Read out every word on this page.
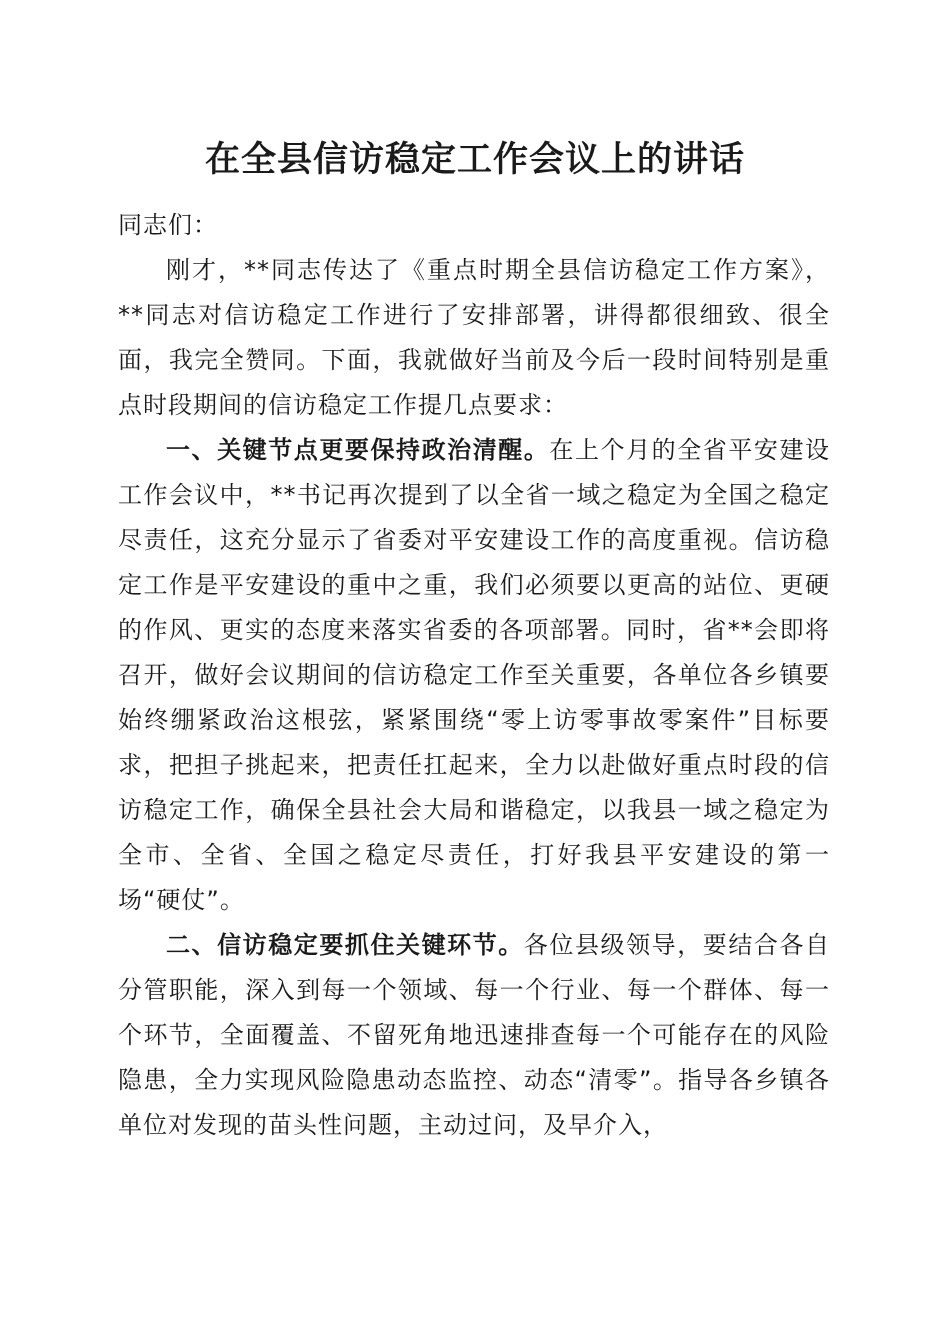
在全县信访稳定工作会议上的讲话

同志们：

刚才，**同志传达了《重点时期全县信访稳定工作方案》，**同志对信访稳定工作进行了安排部署，讲得都很细致、很全面，我完全赞同。下面，我就做好当前及今后一段时间特别是重点时段期间的信访稳定工作提几点要求：

一、关键节点更要保持政治清醒。在上个月的全省平安建设工作会议中，**书记再次提到了以全省一域之稳定为全国之稳定尽责任，这充分显示了省委对平安建设工作的高度重视。信访稳定工作是平安建设的重中之重，我们必须要以更高的站位、更硬的作风、更实的态度来落实省委的各项部署。同时，省**会即将召开，做好会议期间的信访稳定工作至关重要，各单位各乡镇要始终绷紧政治这根弦，紧紧围绕“零上访零事故零案件”目标要求，把担子挑起来，把责任扛起来，全力以赴做好重点时段的信访稳定工作，确保全县社会大局和谐稳定，以我县一域之稳定为全市、全省、全国之稳定尽责任，打好我县平安建设的第一场“硬仗”。

二、信访稳定要抓住关键环节。各位县级领导，要结合各自分管职能，深入到每一个领域、每一个行业、每一个群体、每一个环节，全面覆盖、不留死角地迅速排查每一个可能存在的风险隐患，全力实现风险隐患动态监控、动态“清零”。指导各乡镇各单位对发现的苗头性问题，主动过问，及早介入，
